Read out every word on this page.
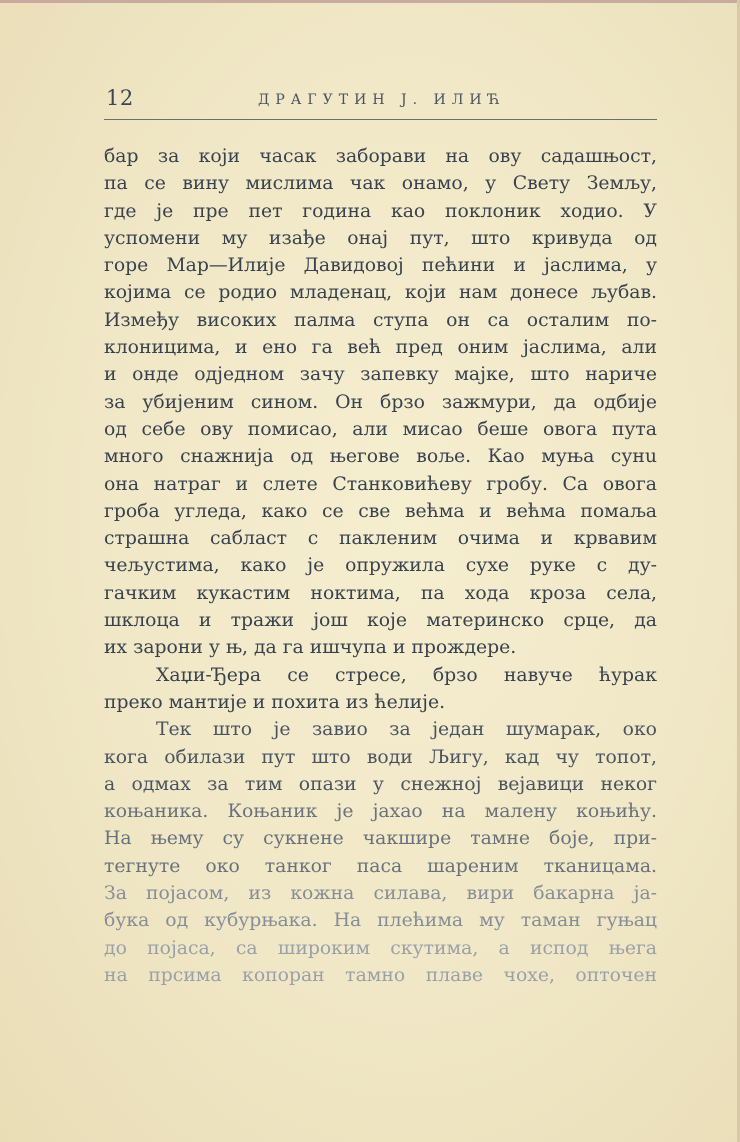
12	ДРАГУТИН Ј. ИЛИЋ
бар за који часак заборави на ову садашњост,
па се вину мислима чак онамо, у Свету Земљу,
где је пре пет година као поклоник ходио. У
успомени му изађе онај пут, што кривуда од
горе Мар—Илије Давидовој пећини и јаслима, у
којима се родио младенац, који нам донесе љубав.
Између високих палма ступа он са осталим по-
клоницима, и ено га већ пред оним јаслима, али
и онде одједном зачу запевку мајке, што нариче
за убијеним сином. Он брзо зажмури, да одбије
од себе ову помисао, али мисао беше овога пута
много снажнија од његове воље. Као муња сунu
она натраг и слете Станковићеву гробу. Са овога
гроба угледа, како се све већма и већма помаља
страшна сабласт с пакленим очима и крвавим
чељустима, како је опружила сухе руке с ду-
гачким кукастим ноктима, па хода кроза села,
шклоца и тражи још које материнско срце, да
их зарони у њ, да га ишчупа и прождере.
Хаџи-Ђера се стресе, брзо навуче ћурак
преко мантије и похита из ћелије.
Тек што је завио за један шумарак, око
кога обилази пут што води Љигу, кад чу топот,
а одмах за тим опази у снежној вејавици неког
коњаника. Коњаник је јахао на малену коњићу.
На њему су сукнене чакшире тамне боје, при-
тегнуте око танког паса шареним тканицама.
За појасом, из кожна силава, вири бакарна ја-
бука од кубурњака. На плећима му таман гуњац
до појаса, са широким скутима, а испод њега
на прсима копоран тамно плаве чохе, опточен
